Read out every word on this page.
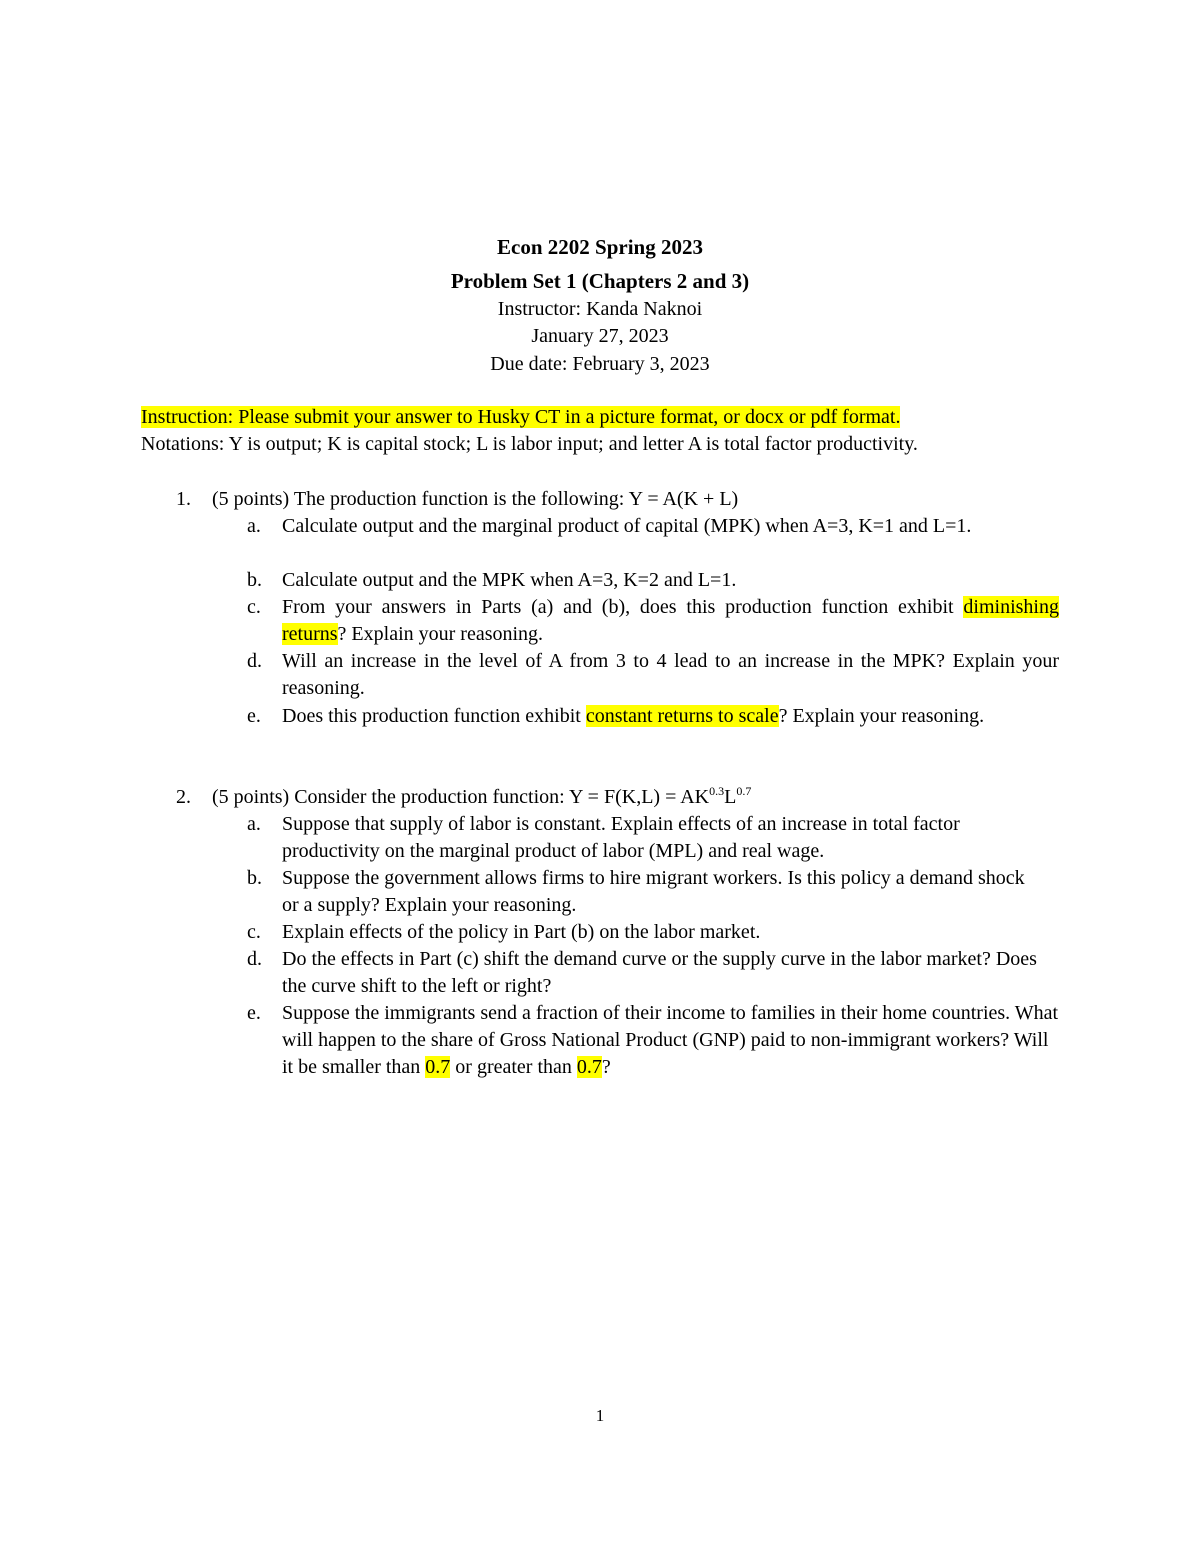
Econ 2202 Spring 2023
Problem Set 1 (Chapters 2 and 3)
Instructor: Kanda Naknoi
January 27, 2023
Due date: February 3, 2023
Instruction: Please submit your answer to Husky CT in a picture format, or docx or pdf format.
Notations: Y is output; K is capital stock; L is labor input; and letter A is total factor productivity.
1. (5 points) The production function is the following: Y = A(K + L)
a. Calculate output and the marginal product of capital (MPK) when A=3, K=1 and L=1.
b. Calculate output and the MPK when A=3, K=2 and L=1.
c. From your answers in Parts (a) and (b), does this production function exhibit diminishing returns? Explain your reasoning.
d. Will an increase in the level of A from 3 to 4 lead to an increase in the MPK? Explain your reasoning.
e. Does this production function exhibit constant returns to scale? Explain your reasoning.
2. (5 points) Consider the production function: $Y = F(K,L) = AK^{0.3}L^{0.7}$
a. Suppose that supply of labor is constant. Explain effects of an increase in total factor productivity on the marginal product of labor (MPL) and real wage.
b. Suppose the government allows firms to hire migrant workers. Is this policy a demand shock or a supply? Explain your reasoning.
c. Explain effects of the policy in Part (b) on the labor market.
d. Do the effects in Part (c) shift the demand curve or the supply curve in the labor market? Does the curve shift to the left or right?
e. Suppose the immigrants send a fraction of their income to families in their home countries. What will happen to the share of Gross National Product (GNP) paid to non-immigrant workers? Will it be smaller than 0.7 or greater than 0.7?
1
